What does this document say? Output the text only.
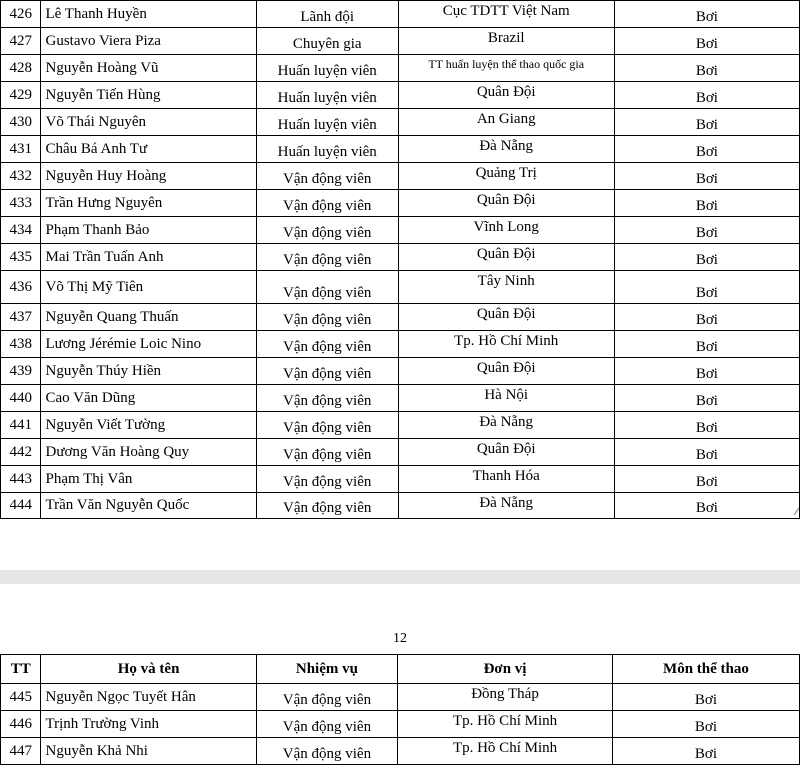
426	Lê Thanh Huyền	Lãnh đội	Cục TDTT Việt Nam	Bơi
427	Gustavo Viera Piza	Chuyên gia	Brazil	Bơi
428	Nguyễn Hoàng Vũ	Huấn luyện viên	TT huấn luyện thể thao quốc gia	Bơi
429	Nguyễn Tiến Hùng	Huấn luyện viên	Quân Đội	Bơi
430	Võ Thái Nguyên	Huấn luyện viên	An Giang	Bơi
431	Châu Bá Anh Tư	Huấn luyện viên	Đà Nẵng	Bơi
432	Nguyễn Huy Hoàng	Vận động viên	Quảng Trị	Bơi
433	Trần Hưng Nguyên	Vận động viên	Quân Đội	Bơi
434	Phạm Thanh Bảo	Vận động viên	Vĩnh Long	Bơi
435	Mai Trần Tuấn Anh	Vận động viên	Quân Đội	Bơi
436	Võ Thị Mỹ Tiên	Vận động viên	Tây Ninh	Bơi
437	Nguyễn Quang Thuấn	Vận động viên	Quân Đội	Bơi
438	Lương Jérémie Loic Nino	Vận động viên	Tp. Hồ Chí Minh	Bơi
439	Nguyễn Thúy Hiền	Vận động viên	Quân Đội	Bơi
440	Cao Văn Dũng	Vận động viên	Hà Nội	Bơi
441	Nguyễn Viết Tường	Vận động viên	Đà Nẵng	Bơi
442	Dương Văn Hoàng Quy	Vận động viên	Quân Đội	Bơi
443	Phạm Thị Vân	Vận động viên	Thanh Hóa	Bơi
444	Trần Văn Nguyễn Quốc	Vận động viên	Đà Nẵng	Bơi
12
TT	Họ và tên	Nhiệm vụ	Đơn vị	Môn thể thao
445	Nguyễn Ngọc Tuyết Hân	Vận động viên	Đồng Tháp	Bơi
446	Trịnh Trường Vinh	Vận động viên	Tp. Hồ Chí Minh	Bơi
447	Nguyễn Khả Nhi	Vận động viên	Tp. Hồ Chí Minh	Bơi
